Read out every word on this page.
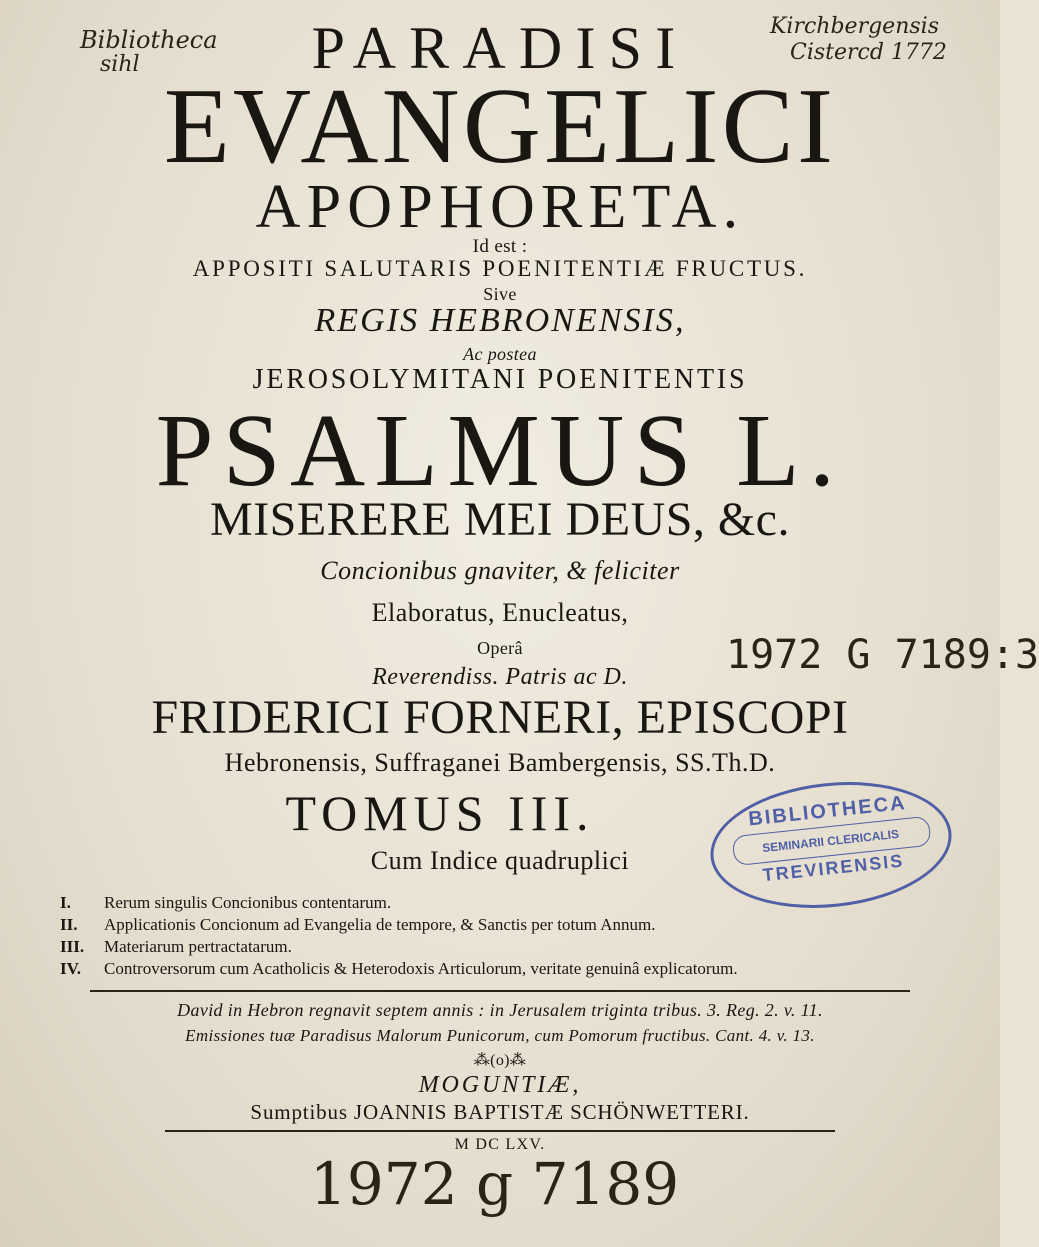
Bibliotheca
sihl
Kirchbergensis
Cistercd 1772
PARADISI
EVANGELICI
APOPHORETA.
Id est :
APPOSITI SALUTARIS POENITENTIÆ FRUCTUS.
Sive
REGIS HEBRONENSIS,
Ac postea
JEROSOLYMITANI POENITENTIS
PSALMUS L.
MISERERE MEI DEUS, &c.
Concionibus gnaviter, & feliciter
Elaboratus, Enucleatus,
Operâ
Reverendiss. Patris ac D.
FRIDERICI FORNERI, EPISCOPI
Hebronensis, Suffraganei Bambergensis, SS.Th.D.
TOMUS III.
Cum Indice quadruplici
1972 G 7189:3
BIBLIOTHECA
SEMINARII CLERICALIS
TREVIRENSIS
I.	Rerum singulis Concionibus contentarum.
II.	Applicationis Concionum ad Evangelia de tempore, & Sanctis per totum Annum.
III.	Materiarum pertractatarum.
IV.	Controversorum cum Acatholicis & Heterodoxis Articulorum, veritate genuinâ explicatorum.
David in Hebron regnavit septem annis : in Jerusalem triginta tribus. 3. Reg. 2. v. 11.
Emissiones tuæ Paradisus Malorum Punicorum, cum Pomorum fructibus. Cant. 4. v. 13.
⁂(o)⁂
MOGUNTIÆ,
Sumptibus JOANNIS BAPTISTÆ SCHÖNWETTERI.
M DC LXV.
1972 g 7189
